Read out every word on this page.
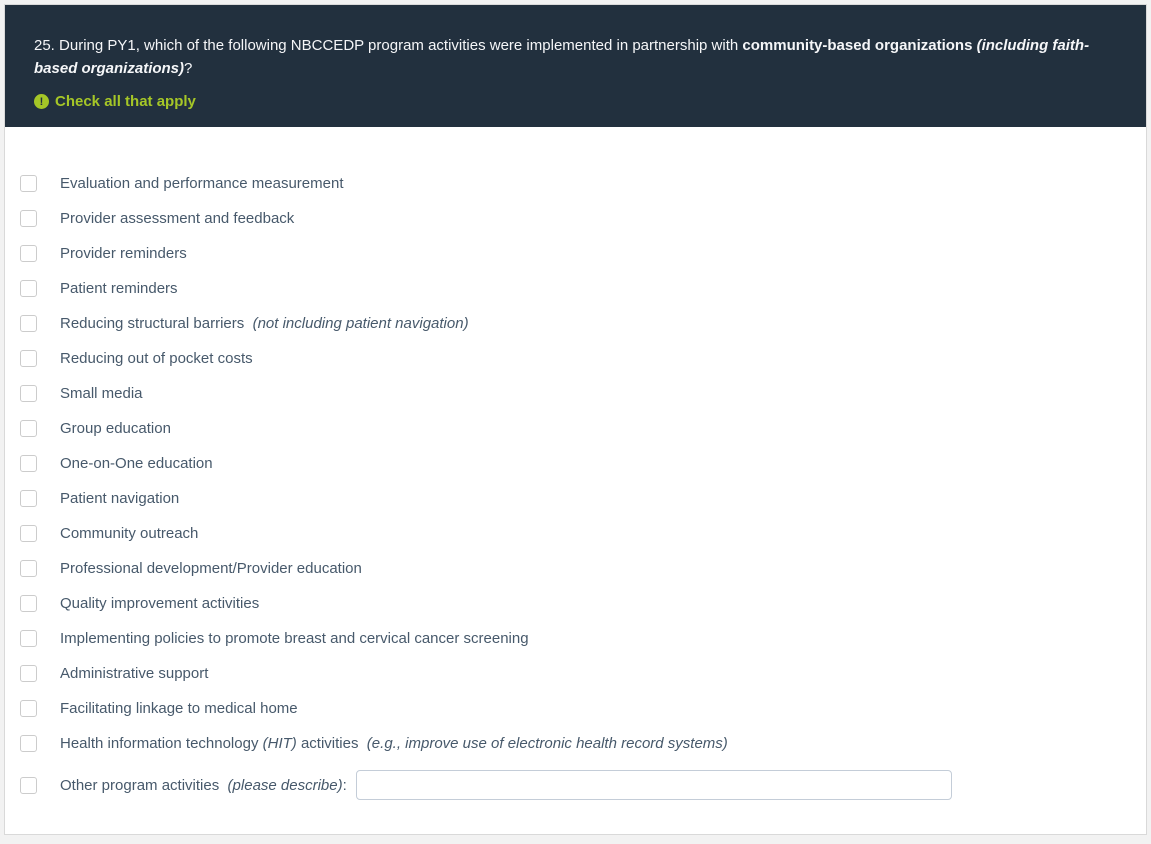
25. During PY1, which of the following NBCCEDP program activities were implemented in partnership with community-based organizations (including faith-based organizations)?
! Check all that apply
Evaluation and performance measurement
Provider assessment and feedback
Provider reminders
Patient reminders
Reducing structural barriers  (not including patient navigation)
Reducing out of pocket costs
Small media
Group education
One-on-One education
Patient navigation
Community outreach
Professional development/Provider education
Quality improvement activities
Implementing policies to promote breast and cervical cancer screening
Administrative support
Facilitating linkage to medical home
Health information technology (HIT) activities  (e.g., improve use of electronic health record systems)
Other program activities  (please describe):
